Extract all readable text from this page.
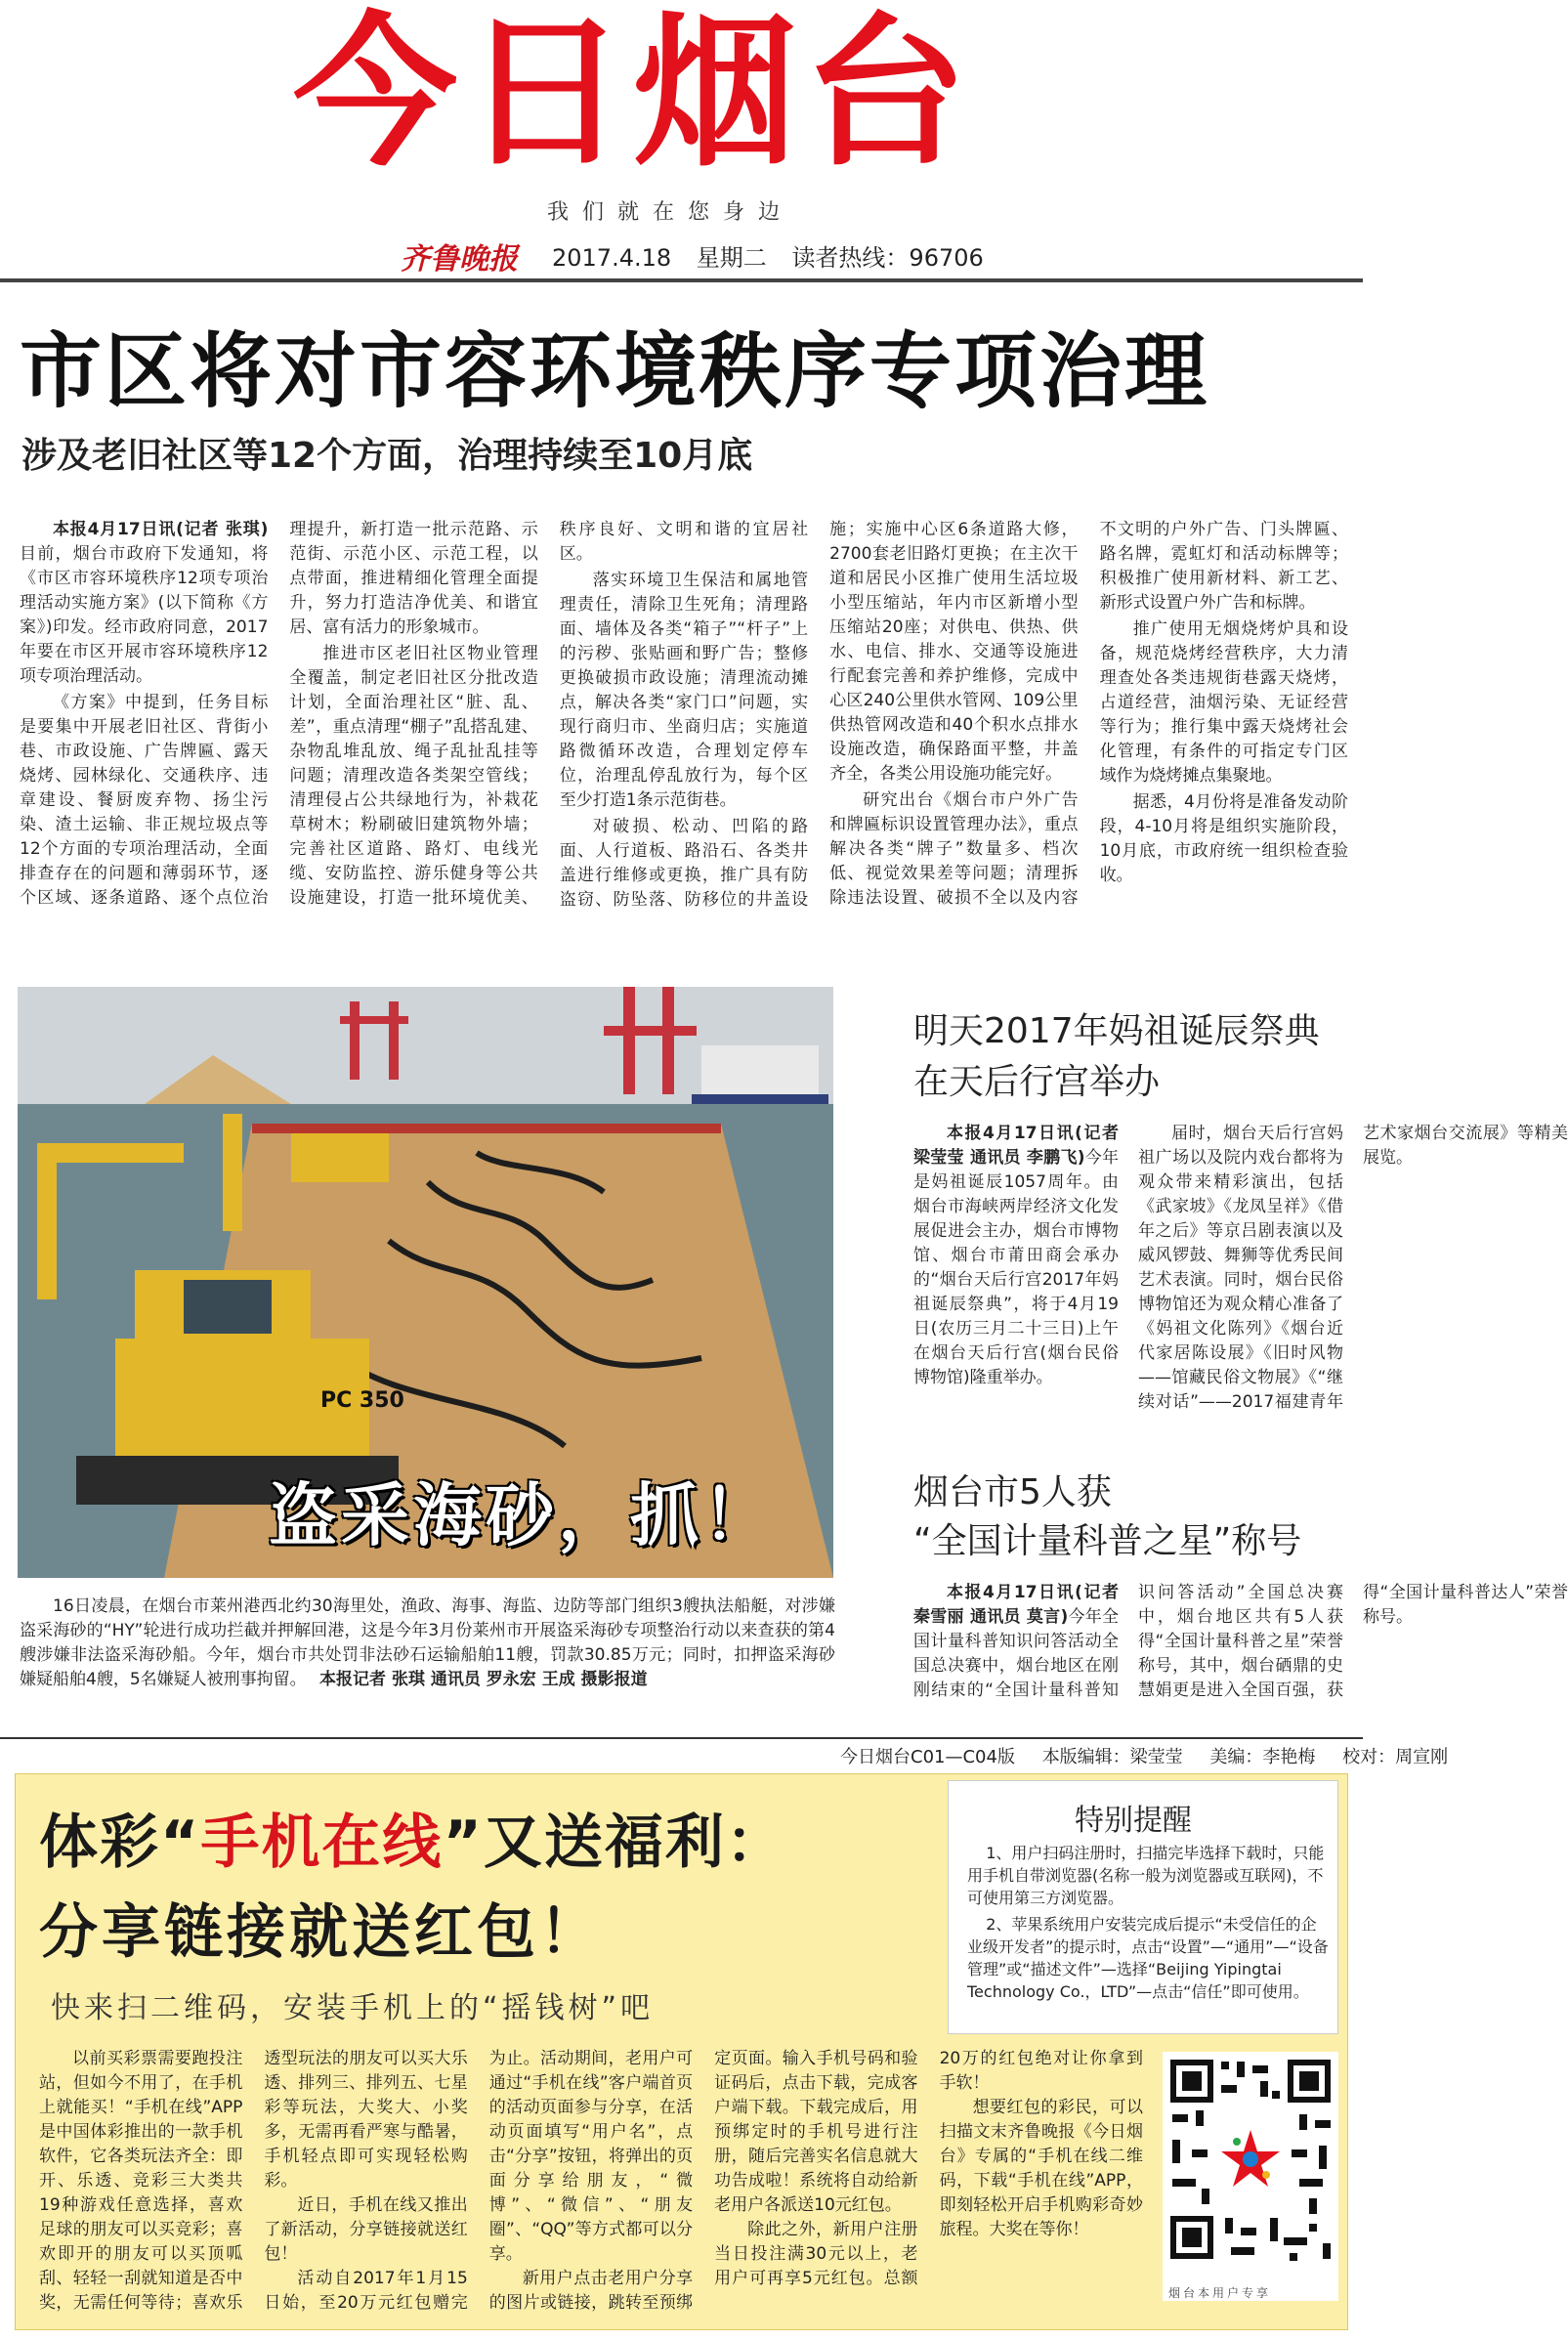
今日烟台
我们就在您身边
齐鲁晚报 2017.4.18 星期二 读者热线：96706
市区将对市容环境秩序专项治理
涉及老旧社区等12个方面，治理持续至10月底

本报4月17日讯(记者 张琪)目前，烟台市政府下发通知，将《市区市容环境秩序12项专项治理活动实施方案》(以下简称《方案》)印发。经市政府同意，2017年要在市区开展市容环境秩序12项专项治理活动。

《方案》中提到，任务目标是要集中开展老旧社区、背街小巷、市政设施、广告牌匾、露天烧烤、园林绿化、交通秩序、违章建设、餐厨废弃物、扬尘污染、渣土运输、非正规垃圾点等12个方面的专项治理活动，全面排查存在的问题和薄弱环节，逐个区域、逐条道路、逐个点位治理提升，新打造一批示范路、示范街、示范小区、示范工程，以点带面，推进精细化管理全面提升，努力打造洁净优美、和谐宜居、富有活力的形象城市。

推进市区老旧社区物业管理全覆盖，制定老旧社区分批改造计划，全面治理社区“脏、乱、差”，重点清理“棚子”乱搭乱建、杂物乱堆乱放、绳子乱扯乱挂等问题；清理改造各类架空管线；清理侵占公共绿地行为，补栽花草树木；粉刷破旧建筑物外墙；完善社区道路、路灯、电线光缆、安防监控、游乐健身等公共设施建设，打造一批环境优美、秩序良好、文明和谐的宜居社区。

落实环境卫生保洁和属地管理责任，清除卫生死角；清理路面、墙体及各类“箱子”“杆子”上的污秽、张贴画和野广告；整修更换破损市政设施；清理流动摊点，解决各类“家门口”问题，实现行商归市、坐商归店；实施道路微循环改造，合理划定停车位，治理乱停乱放行为，每个区至少打造1条示范街巷。

对破损、松动、凹陷的路面、人行道板、路沿石、各类井盖进行维修或更换，推广具有防盗窃、防坠落、防移位的井盖设施；实施中心区6条道路大修，2700套老旧路灯更换；在主次干道和居民小区推广使用生活垃圾小型压缩站，年内市区新增小型压缩站20座；对供电、供热、供水、电信、排水、交通等设施进行配套完善和养护维修，完成中心区240公里供水管网、109公里供热管网改造和40个积水点排水设施改造，确保路面平整，井盖齐全，各类公用设施功能完好。

研究出台《烟台市户外广告和牌匾标识设置管理办法》，重点解决各类“牌子”数量多、档次低、视觉效果差等问题；清理拆除违法设置、破损不全以及内容不文明的户外广告、门头牌匾、路名牌，霓虹灯和活动标牌等；积极推广使用新材料、新工艺、新形式设置户外广告和标牌。

推广使用无烟烧烤炉具和设备，规范烧烤经营秩序，大力清理查处各类违规街巷露天烧烤，占道经营，油烟污染、无证经营等行为；推行集中露天烧烤社会化管理，有条件的可指定专门区域作为烧烤摊点集聚地。

据悉，4月份将是准备发动阶段，4-10月将是组织实施阶段，10月底，市政府统一组织检查验收。

PC 350
盗采海砂，抓！
16日凌晨，在烟台市莱州港西北约30海里处，渔政、海事、海监、边防等部门组织3艘执法船艇，对涉嫌盗采海砂的“HY”轮进行成功拦截并押解回港，这是今年3月份莱州市开展盗采海砂专项整治行动以来查获的第4艘涉嫌非法盗采海砂船。今年，烟台市共处罚非法砂石运输船舶11艘，罚款30.85万元；同时，扣押盗采海砂嫌疑船舶4艘，5名嫌疑人被刑事拘留。 本报记者 张琪 通讯员 罗永宏 王成 摄影报道
明天2017年妈祖诞辰祭典
在天后行宫举办

本报4月17日讯(记者 梁莹莹 通讯员 李鹏飞)今年是妈祖诞辰1057周年。由烟台市海峡两岸经济文化发展促进会主办，烟台市博物馆、烟台市莆田商会承办的“烟台天后行宫2017年妈祖诞辰祭典”，将于4月19日(农历三月二十三日)上午在烟台天后行宫(烟台民俗博物馆)隆重举办。

届时，烟台天后行宫妈祖广场以及院内戏台都将为观众带来精彩演出，包括《武家坡》《龙凤呈祥》《借年之后》等京吕剧表演以及威风锣鼓、舞狮等优秀民间艺术表演。同时，烟台民俗博物馆还为观众精心准备了《妈祖文化陈列》《烟台近代家居陈设展》《旧时风物——馆藏民俗文物展》《“继续对话”——2017福建青年艺术家烟台交流展》等精美展览。

烟台市5人获
“全国计量科普之星”称号

本报4月17日讯(记者 秦雪丽 通讯员 莫言)今年全国计量科普知识问答活动全国总决赛中，烟台地区在刚刚结束的“全国计量科普知识问答活动”全国总决赛中，烟台地区共有5人获得“全国计量科普之星”荣誉称号，其中，烟台硒鼎的史慧娟更是进入全国百强，获得“全国计量科普达人”荣誉称号。

今日烟台C01—C04版 本版编辑：梁莹莹 美编：李艳梅 校对：周宣刚
体彩“手机在线”又送福利：
分享链接就送红包！
快来扫二维码，安装手机上的“摇钱树”吧
特别提醒

1、用户扫码注册时，扫描完毕选择下载时，只能用手机自带浏览器(名称一般为浏览器或互联网)，不可使用第三方浏览器。

2、苹果系统用户安装完成后提示“未受信任的企业级开发者”的提示时，点击“设置”—“通用”—“设备管理”或“描述文件”—选择“Beijing Yipingtai Technology Co.，LTD”—点击“信任”即可使用。

以前买彩票需要跑投注站，但如今不用了，在手机上就能买！“手机在线”APP是中国体彩推出的一款手机软件，它各类玩法齐全：即开、乐透、竞彩三大类共19种游戏任意选择，喜欢足球的朋友可以买竞彩；喜欢即开的朋友可以买顶呱刮、轻轻一刮就知道是否中奖，无需任何等待；喜欢乐透型玩法的朋友可以买大乐透、排列三、排列五、七星彩等玩法，大奖大、小奖多，无需再看严寒与酷暑，手机轻点即可实现轻松购彩。

近日，手机在线又推出了新活动，分享链接就送红包！

活动自2017年1月15日始，至20万元红包赠完为止。活动期间，老用户可通过“手机在线”客户端首页的活动页面参与分享，在活动页面填写“用户名”，点击“分享”按钮，将弹出的页面分享给朋友，“微博”、“微信”、“朋友圈”、“QQ”等方式都可以分享。

新用户点击老用户分享的图片或链接，跳转至预绑定页面。输入手机号码和验证码后，点击下载，完成客户端下载。下载完成后，用预绑定时的手机号进行注册，随后完善实名信息就大功告成啦！系统将自动给新老用户各派送10元红包。

除此之外，新用户注册当日投注满30元以上，老用户可再享5元红包。总额20万的红包绝对让你拿到手软！

想要红包的彩民，可以扫描文末齐鲁晚报《今日烟台》专属的“手机在线二维码，下载“手机在线”APP，即刻轻松开启手机购彩奇妙旅程。大奖在等你！

烟台本用户专享
